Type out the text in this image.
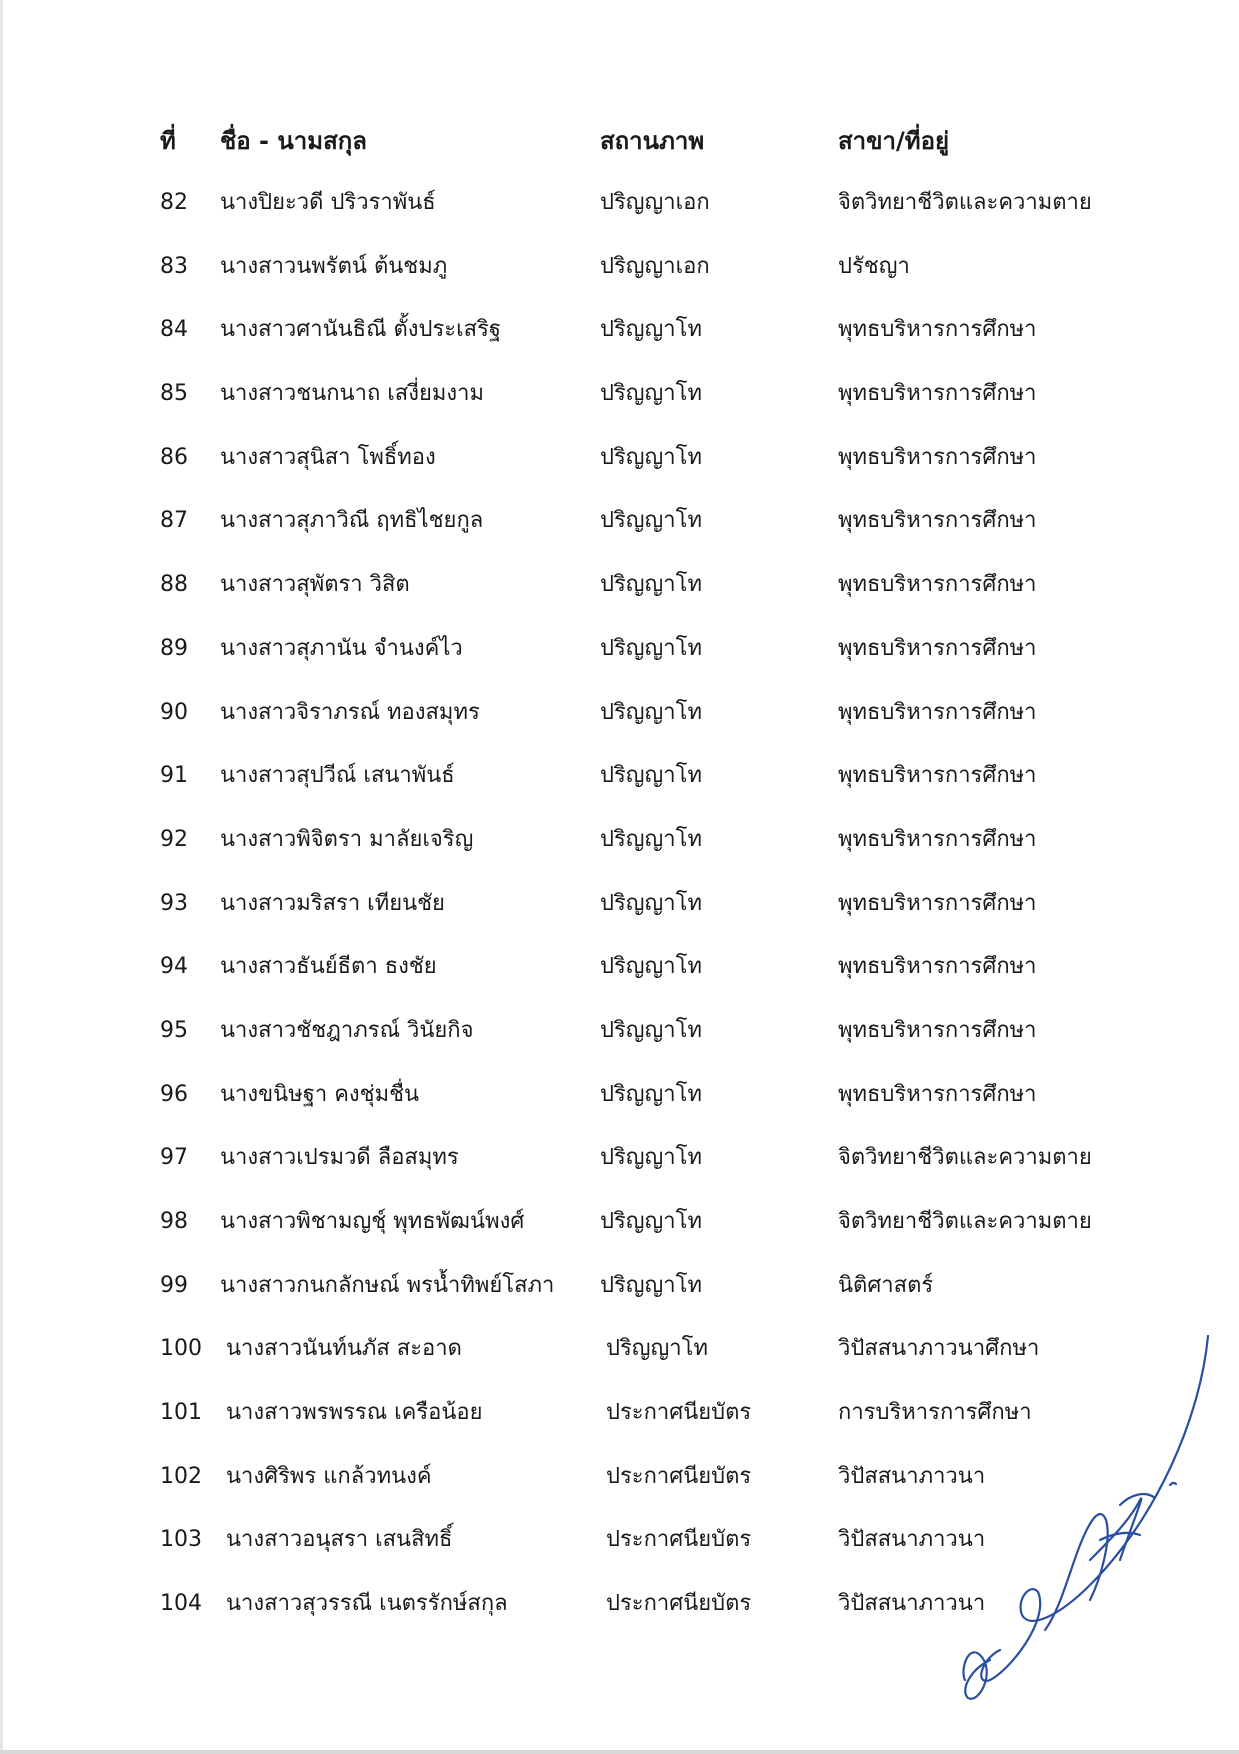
ที่	ชื่อ - นามสกุล	สถานภาพ	สาขา/ที่อยู่
82	นางปิยะวดี ปริวราพันธ์	ปริญญาเอก	จิตวิทยาชีวิตและความตาย
83	นางสาวนพรัตน์ ต้นชมภู	ปริญญาเอก	ปรัชญา
84	นางสาวศานันธิณี ตั้งประเสริฐ	ปริญญาโท	พุทธบริหารการศึกษา
85	นางสาวชนกนาถ เสงี่ยมงาม	ปริญญาโท	พุทธบริหารการศึกษา
86	นางสาวสุนิสา โพธิ์ทอง	ปริญญาโท	พุทธบริหารการศึกษา
87	นางสาวสุภาวิณี ฤทธิไชยกูล	ปริญญาโท	พุทธบริหารการศึกษา
88	นางสาวสุพัตรา วิสิต	ปริญญาโท	พุทธบริหารการศึกษา
89	นางสาวสุภานัน จำนงค์ไว	ปริญญาโท	พุทธบริหารการศึกษา
90	นางสาวจิราภรณ์ ทองสมุทร	ปริญญาโท	พุทธบริหารการศึกษา
91	นางสาวสุปวีณ์ เสนาพันธ์	ปริญญาโท	พุทธบริหารการศึกษา
92	นางสาวพิจิตรา มาลัยเจริญ	ปริญญาโท	พุทธบริหารการศึกษา
93	นางสาวมริสรา เทียนชัย	ปริญญาโท	พุทธบริหารการศึกษา
94	นางสาวธันย์ธีตา ธงชัย	ปริญญาโท	พุทธบริหารการศึกษา
95	นางสาวชัชฎาภรณ์ วินัยกิจ	ปริญญาโท	พุทธบริหารการศึกษา
96	นางขนิษฐา คงชุ่มชื่น	ปริญญาโท	พุทธบริหารการศึกษา
97	นางสาวเปรมวดี ลือสมุทร	ปริญญาโท	จิตวิทยาชีวิตและความตาย
98	นางสาวพิชามญชุ์ พุทธพัฒน์พงศ์	ปริญญาโท	จิตวิทยาชีวิตและความตาย
99	นางสาวกนกลักษณ์ พรน้ำทิพย์โสภา	ปริญญาโท	นิติศาสตร์
100	นางสาวนันท์นภัส สะอาด	ปริญญาโท	วิปัสสนาภาวนาศึกษา
101	นางสาวพรพรรณ เครือน้อย	ประกาศนียบัตร	การบริหารการศึกษา
102	นางศิริพร แกล้วทนงค์	ประกาศนียบัตร	วิปัสสนาภาวนา
103	นางสาวอนุสรา เสนสิทธิ์	ประกาศนียบัตร	วิปัสสนาภาวนา
104	นางสาวสุวรรณี เนตรรักษ์สกุล	ประกาศนียบัตร	วิปัสสนาภาวนา
